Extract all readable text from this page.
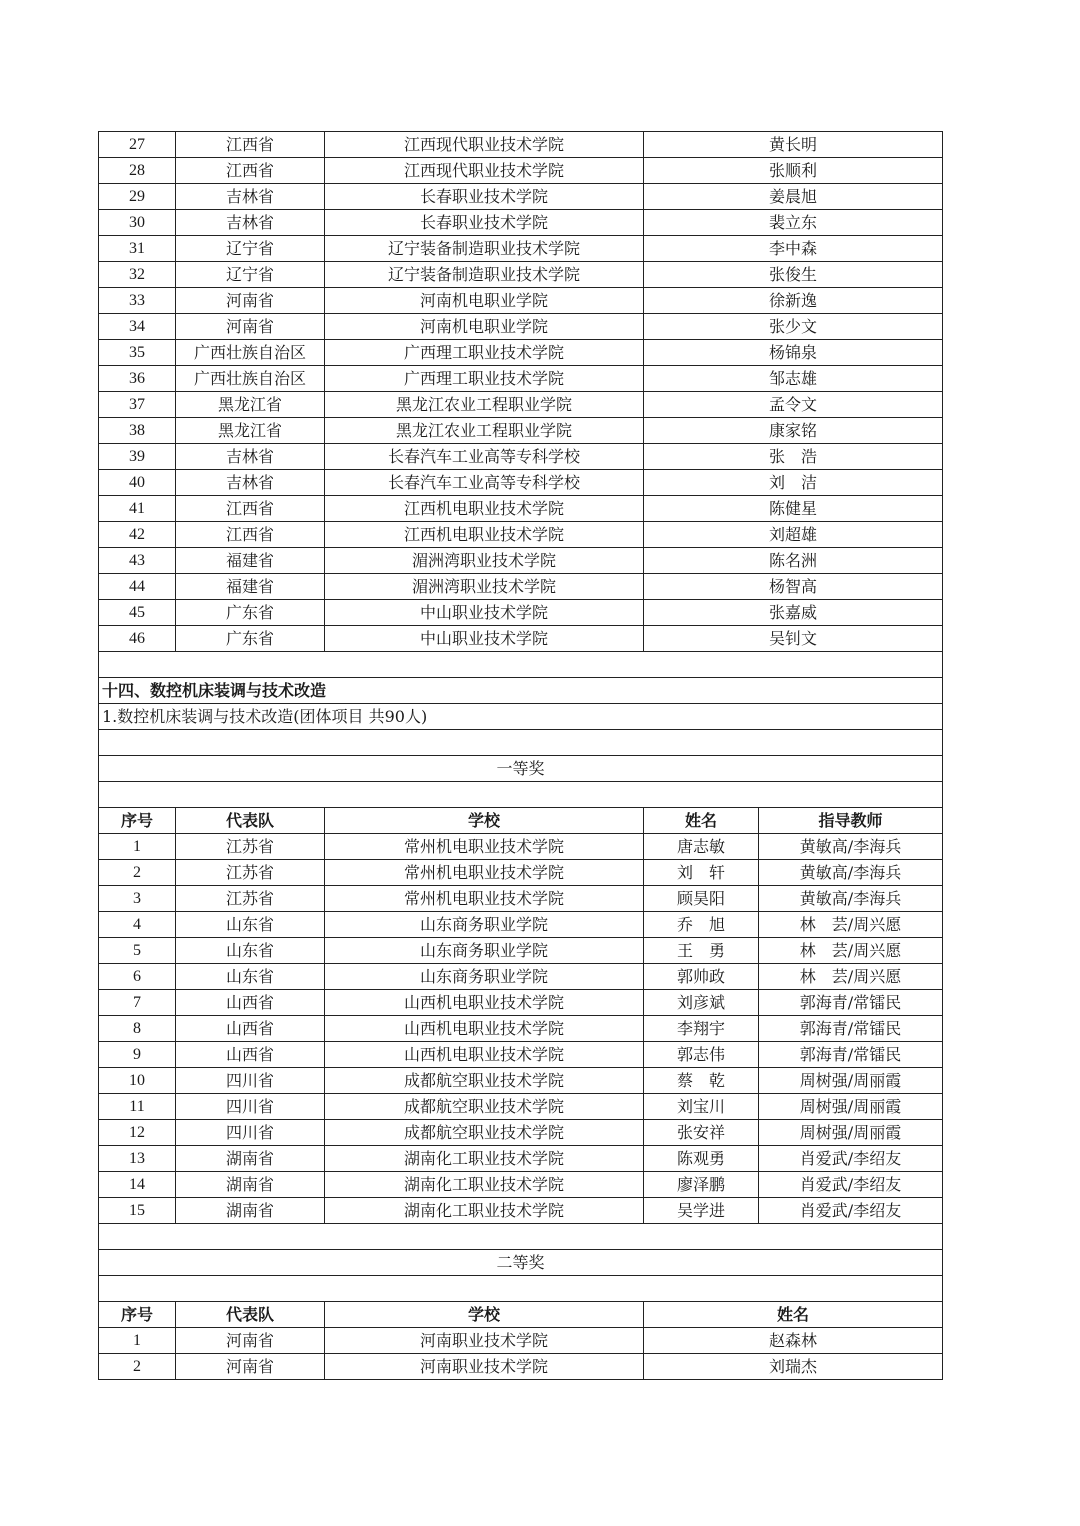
27	江西省	江西现代职业技术学院	黄长明	
28	江西省	江西现代职业技术学院	张顺利	
29	吉林省	长春职业技术学院	姜晨旭	
30	吉林省	长春职业技术学院	裴立东	
31	辽宁省	辽宁装备制造职业技术学院	李中森	
32	辽宁省	辽宁装备制造职业技术学院	张俊生	
33	河南省	河南机电职业学院	徐新逸	
34	河南省	河南机电职业学院	张少文	
35	广西壮族自治区	广西理工职业技术学院	杨锦泉	
36	广西壮族自治区	广西理工职业技术学院	邹志雄	
37	黑龙江省	黑龙江农业工程职业学院	孟令文	
38	黑龙江省	黑龙江农业工程职业学院	康家铭	
39	吉林省	长春汽车工业高等专科学校	张　浩	
40	吉林省	长春汽车工业高等专科学校	刘　洁	
41	江西省	江西机电职业技术学院	陈健星	
42	江西省	江西机电职业技术学院	刘超雄	
43	福建省	湄洲湾职业技术学院	陈名洲	
44	福建省	湄洲湾职业技术学院	杨智高	
45	广东省	中山职业技术学院	张嘉威	
46	广东省	中山职业技术学院	吴钊文	

十四、数控机床装调与技术改造				
1.数控机床装调与技术改造(团体项目 共90人)				

一等奖				

序号	代表队	学校	姓名	指导教师
1	江苏省	常州机电职业技术学院	唐志敏	黄敏高/李海兵
2	江苏省	常州机电职业技术学院	刘　轩	黄敏高/李海兵
3	江苏省	常州机电职业技术学院	顾昊阳	黄敏高/李海兵
4	山东省	山东商务职业学院	乔　旭	林　芸/周兴愿
5	山东省	山东商务职业学院	王　勇	林　芸/周兴愿
6	山东省	山东商务职业学院	郭帅政	林　芸/周兴愿
7	山西省	山西机电职业技术学院	刘彦斌	郭海青/常镭民
8	山西省	山西机电职业技术学院	李翔宇	郭海青/常镭民
9	山西省	山西机电职业技术学院	郭志伟	郭海青/常镭民
10	四川省	成都航空职业技术学院	蔡　乾	周树强/周丽霞
11	四川省	成都航空职业技术学院	刘宝川	周树强/周丽霞
12	四川省	成都航空职业技术学院	张安祥	周树强/周丽霞
13	湖南省	湖南化工职业技术学院	陈观勇	肖爱武/李绍友
14	湖南省	湖南化工职业技术学院	廖泽鹏	肖爱武/李绍友
15	湖南省	湖南化工职业技术学院	吴学进	肖爱武/李绍友

二等奖				

序号	代表队	学校	姓名	
1	河南省	河南职业技术学院	赵森林	
2	河南省	河南职业技术学院	刘瑞杰	
